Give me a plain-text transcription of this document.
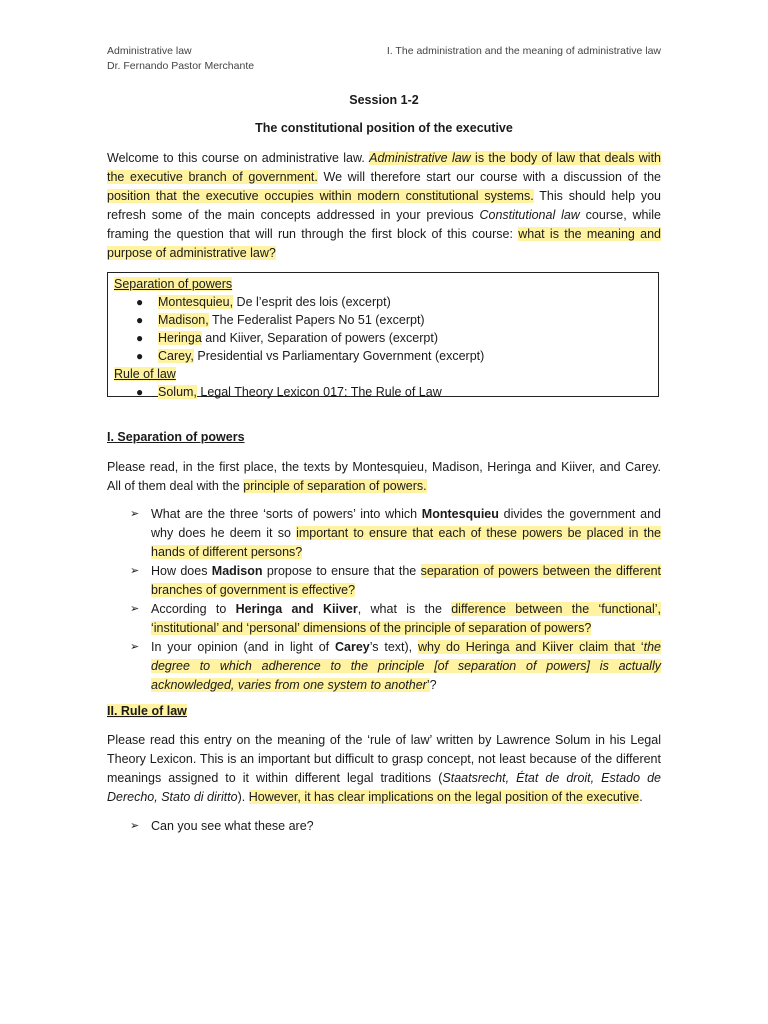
Administrative law
Dr. Fernando Pastor Merchante
I. The administration and the meaning of administrative law
Session 1-2
The constitutional position of the executive
Welcome to this course on administrative law. Administrative law is the body of law that deals with the executive branch of government. We will therefore start our course with a discussion of the position that the executive occupies within modern constitutional systems. This should help you refresh some of the main concepts addressed in your previous Constitutional law course, while framing the question that will run through the first block of this course: what is the meaning and purpose of administrative law?
Separation of powers
● Montesquieu, De l’esprit des lois (excerpt)
● Madison, The Federalist Papers No 51 (excerpt)
● Heringa and Kiiver, Separation of powers (excerpt)
● Carey, Presidential vs Parliamentary Government (excerpt)
Rule of law
● Solum, Legal Theory Lexicon 017: The Rule of Law
I. Separation of powers
Please read, in the first place, the texts by Montesquieu, Madison, Heringa and Kiiver, and Carey. All of them deal with the principle of separation of powers.
➢ What are the three ‘sorts of powers’ into which Montesquieu divides the government and why does he deem it so important to ensure that each of these powers be placed in the hands of different persons?
➢ How does Madison propose to ensure that the separation of powers between the different branches of government is effective?
➢ According to Heringa and Kiiver, what is the difference between the ‘functional’, ‘institutional’ and ‘personal’ dimensions of the principle of separation of powers?
➢ In your opinion (and in light of Carey’s text), why do Heringa and Kiiver claim that ‘the degree to which adherence to the principle [of separation of powers] is actually acknowledged, varies from one system to another’?
II. Rule of law
Please read this entry on the meaning of the ‘rule of law’ written by Lawrence Solum in his Legal Theory Lexicon. This is an important but difficult to grasp concept, not least because of the different meanings assigned to it within different legal traditions (Staatsrecht, État de droit, Estado de Derecho, Stato di diritto). However, it has clear implications on the legal position of the executive.
➢ Can you see what these are?
